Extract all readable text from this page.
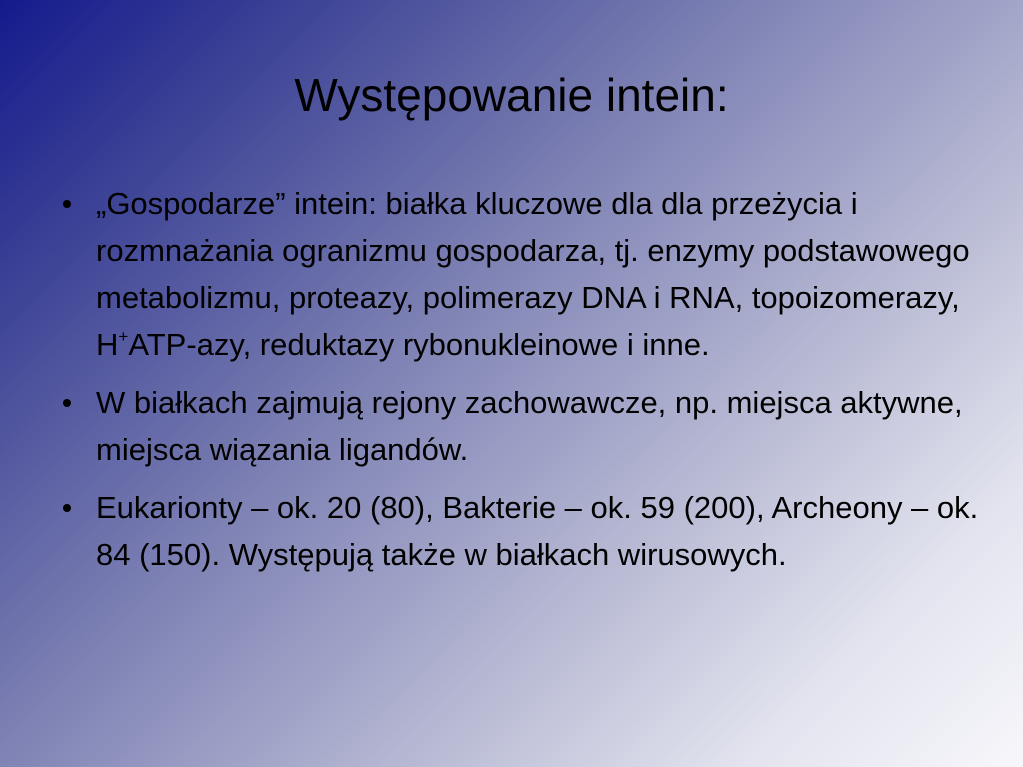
Występowanie intein:
„Gospodarze” intein: białka kluczowe dla dla przeżycia i rozmnażania ogranizmu gospodarza, tj. enzymy podstawowego metabolizmu, proteazy, polimerazy DNA i RNA, topoizomerazy, H+ATP-azy, reduktazy rybonukleinowe i inne.
W białkach zajmują rejony zachowawcze, np. miejsca aktywne, miejsca wiązania ligandów.
Eukarionty – ok. 20 (80), Bakterie – ok. 59 (200), Archeony – ok. 84 (150). Występują także w białkach wirusowych.
